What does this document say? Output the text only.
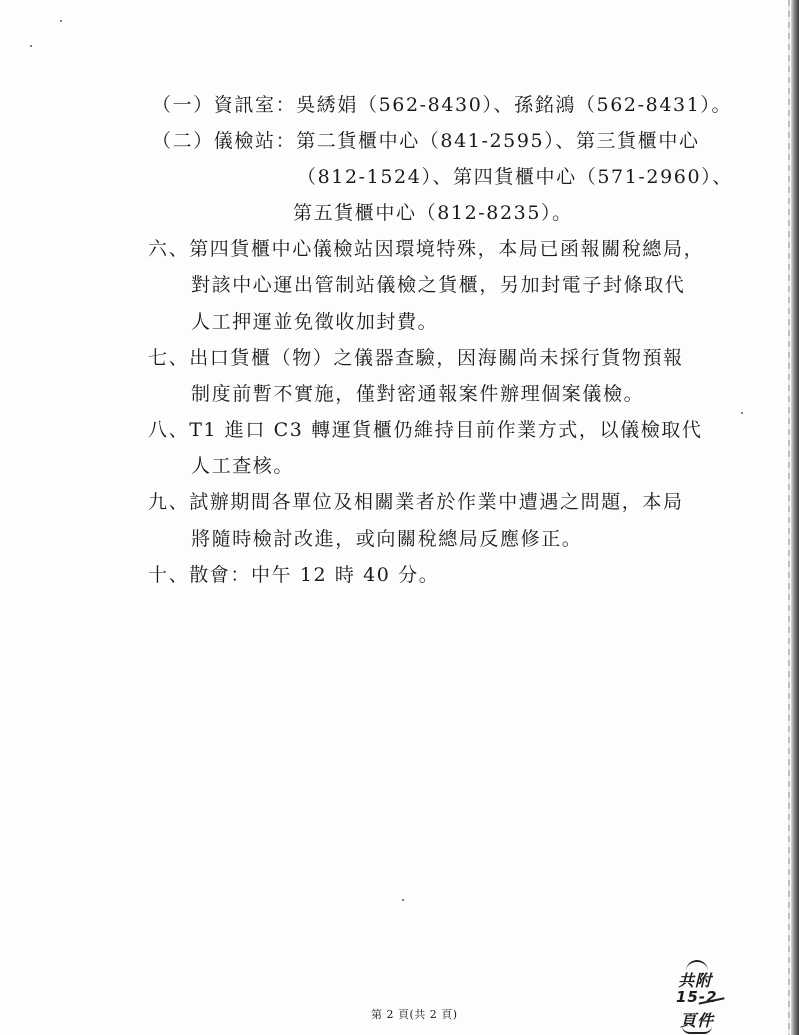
（一）資訊室：吳綉娟（562-8430）、孫銘鴻（562-8431）。
（二）儀檢站：第二貨櫃中心（841-2595）、第三貨櫃中心
（812-1524）、第四貨櫃中心（571-2960）、
第五貨櫃中心（812-8235）。
六、第四貨櫃中心儀檢站因環境特殊，本局已函報關稅總局，
對該中心運出管制站儀檢之貨櫃，另加封電子封條取代
人工押運並免徵收加封費。
七、出口貨櫃（物）之儀器查驗，因海關尚未採行貨物預報
制度前暫不實施，僅對密通報案件辦理個案儀檢。
八、T1 進口 C3 轉運貨櫃仍維持目前作業方式，以儀檢取代
人工查核。
九、試辦期間各單位及相關業者於作業中遭遇之問題，本局
將隨時檢討改進，或向關稅總局反應修正。
十、散會：中午 12 時 40 分。
第 2 頁(共 2 頁)
共附
15-2
頁件
